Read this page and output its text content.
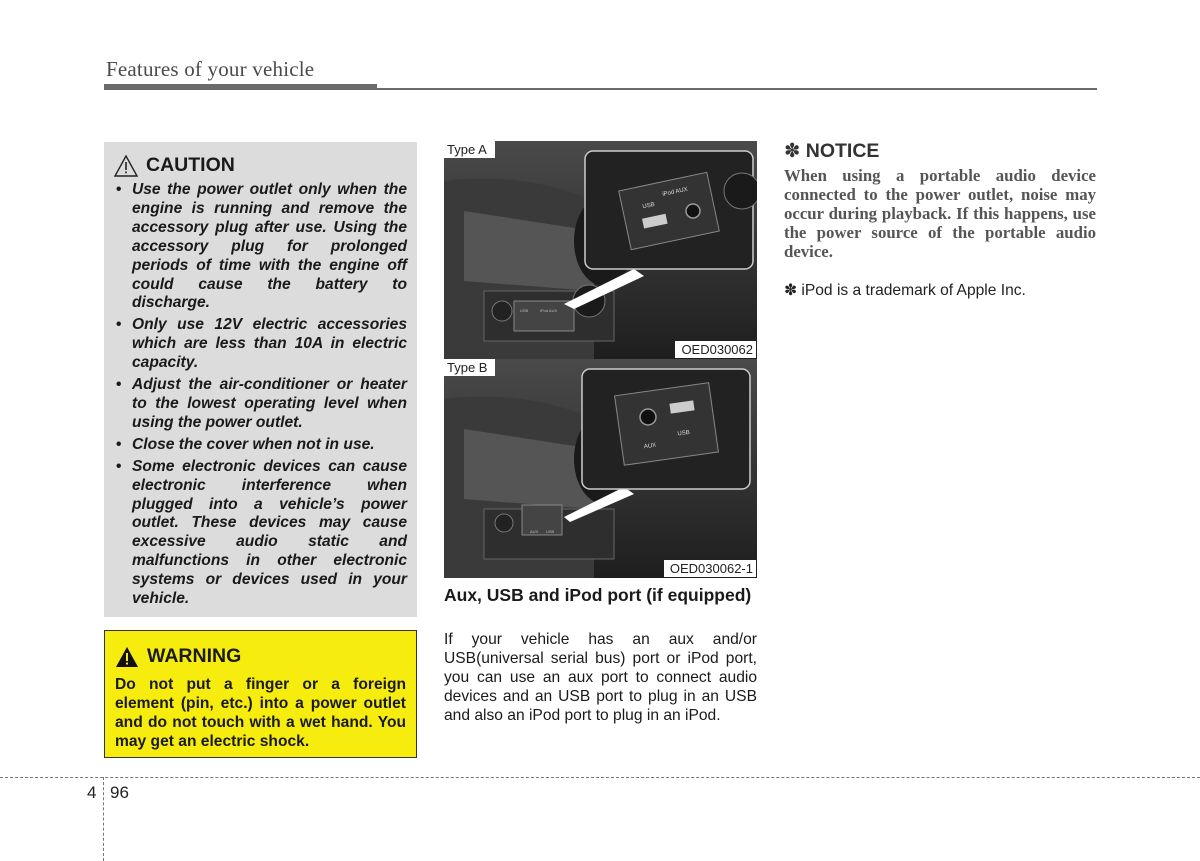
Features of your vehicle
CAUTION
• Use the power outlet only when the engine is running and remove the accessory plug after use. Using the accessory plug for prolonged periods of time with the engine off could cause the battery to discharge.
• Only use 12V electric accessories which are less than 10A in electric capacity.
• Adjust the air-conditioner or heater to the lowest operating level when using the power outlet.
• Close the cover when not in use.
• Some electronic devices can cause electronic interference when plugged into a vehicle’s power outlet. These devices may cause excessive audio static and malfunctions in other electronic systems or devices used in your vehicle.
WARNING
Do not put a finger or a foreign element (pin, etc.) into a power outlet and do not touch with a wet hand. You may get an electric shock.
USB
iPod AUX
USB	iPod AUX
Type A
OED030062
AUX
USB
AUX USB
Type B
OED030062-1
Aux, USB and iPod port (if equipped)
If your vehicle has an aux and/or USB(universal serial bus) port or iPod port, you can use an aux port to connect audio devices and an USB port to plug in an USB and also an iPod port to plug in an iPod.
✽ NOTICE
When using a portable audio device connected to the power outlet, noise may occur during playback. If this happens, use the power source of the portable audio device.
✽ iPod is a trademark of Apple Inc.
4 96
